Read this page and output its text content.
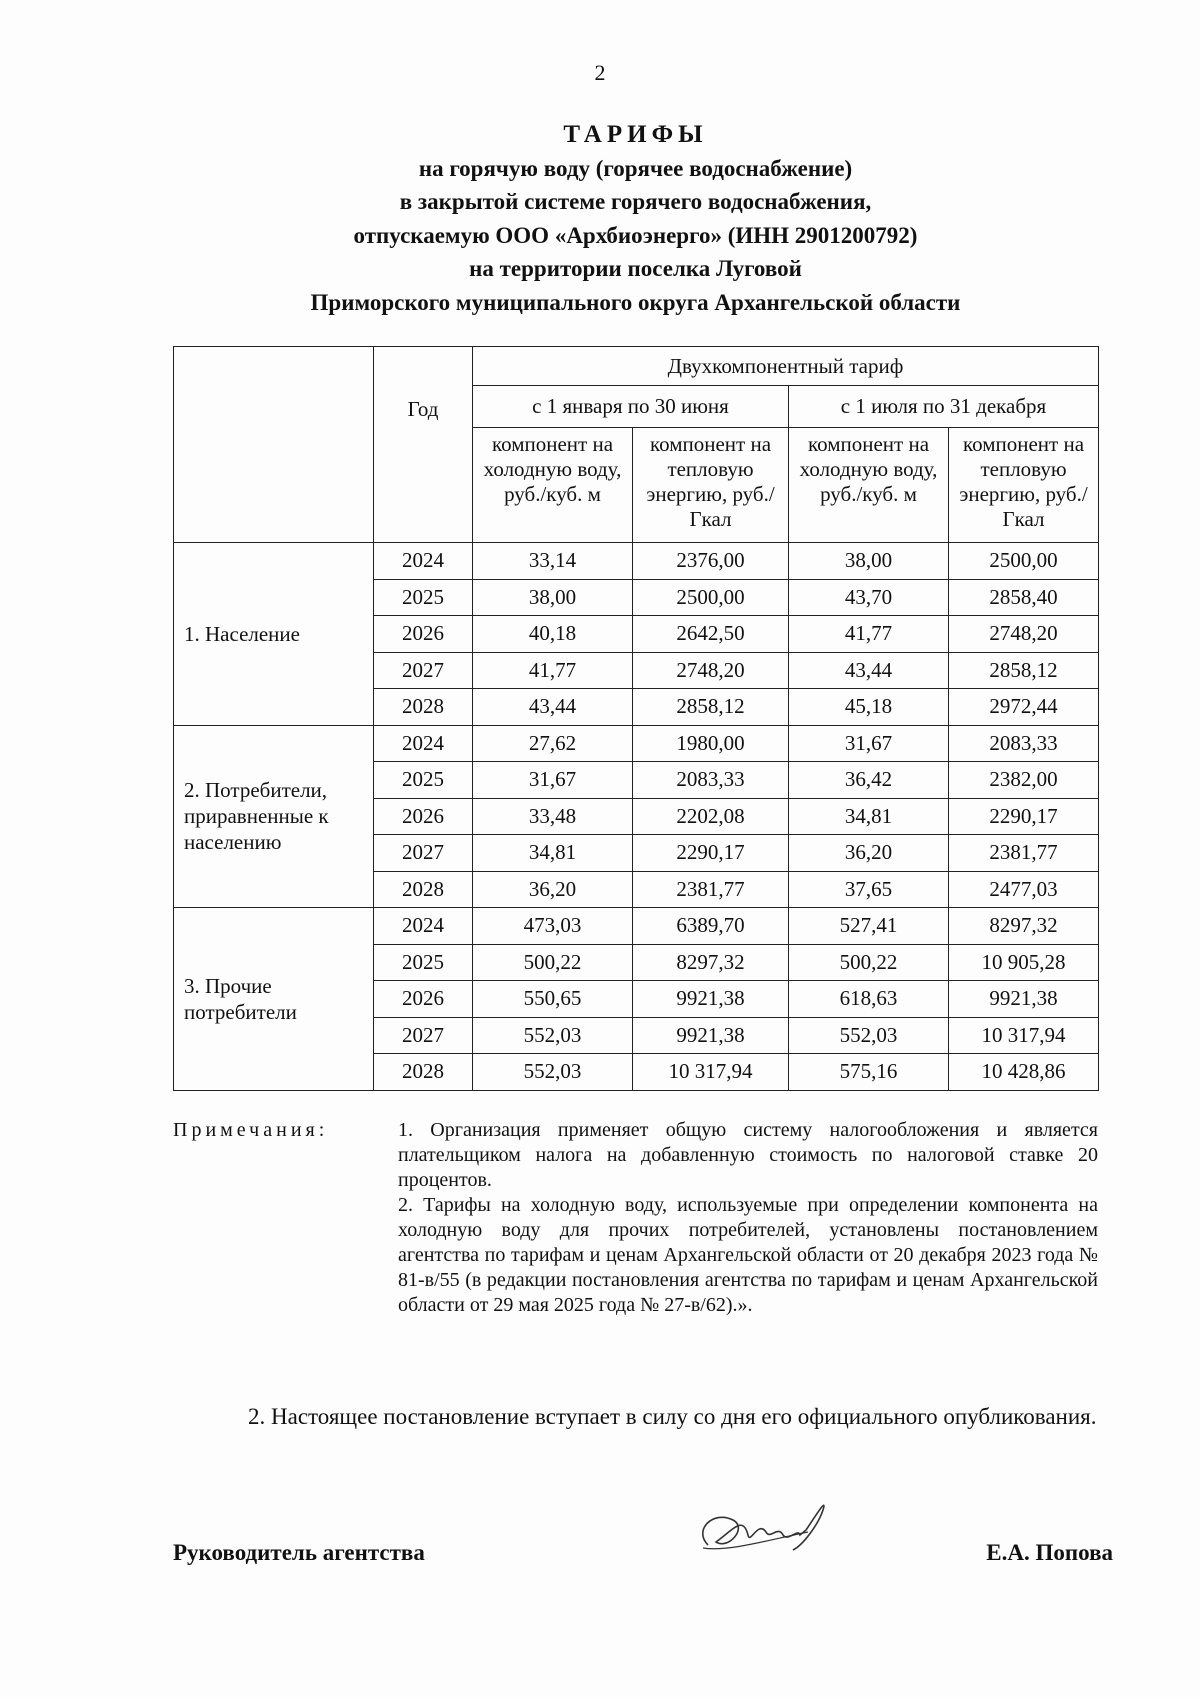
2
ТАРИФЫ
на горячую воду (горячее водоснабжение)
в закрытой системе горячего водоснабжения,
отпускаемую ООО «Архбиоэнерго» (ИНН 2901200792)
на территории поселка Луговой
Приморского муниципального округа Архангельской области
	Год	Двухкомпонентный тариф			
		с 1 января по 30 июня		с 1 июля по 31 декабря	
		компонент на холодную воду, руб./куб. м	компонент на тепловую энергию, руб./Гкал	компонент на холодную воду, руб./куб. м	компонент на тепловую энергию, руб./Гкал
1. Население	2024	33,14	2376,00	38,00	2500,00
	2025	38,00	2500,00	43,70	2858,40
	2026	40,18	2642,50	41,77	2748,20
	2027	41,77	2748,20	43,44	2858,12
	2028	43,44	2858,12	45,18	2972,44
2. Потребители, приравненные к населению	2024	27,62	1980,00	31,67	2083,33
	2025	31,67	2083,33	36,42	2382,00
	2026	33,48	2202,08	34,81	2290,17
	2027	34,81	2290,17	36,20	2381,77
	2028	36,20	2381,77	37,65	2477,03
3. Прочие потребители	2024	473,03	6389,70	527,41	8297,32
	2025	500,22	8297,32	500,22	10 905,28
	2026	550,65	9921,38	618,63	9921,38
	2027	552,03	9921,38	552,03	10 317,94
	2028	552,03	10 317,94	575,16	10 428,86
Примечания:	1. Организация применяет общую систему налогообложения и является плательщиком налога на добавленную стоимость по налоговой ставке 20 процентов.

2. Тарифы на холодную воду, используемые при определении компонента на холодную воду для прочих потребителей, установлены постановлением агентства по тарифам и ценам Архангельской области от 20 декабря 2023 года № 81-в/55 (в редакции постановления агентства по тарифам и ценам Архангельской области от 29 мая 2025 года № 27-в/62).».

2. Настоящее постановление вступает в силу со дня его официального опубликования.
Руководитель агентства	Е.А. Попова
